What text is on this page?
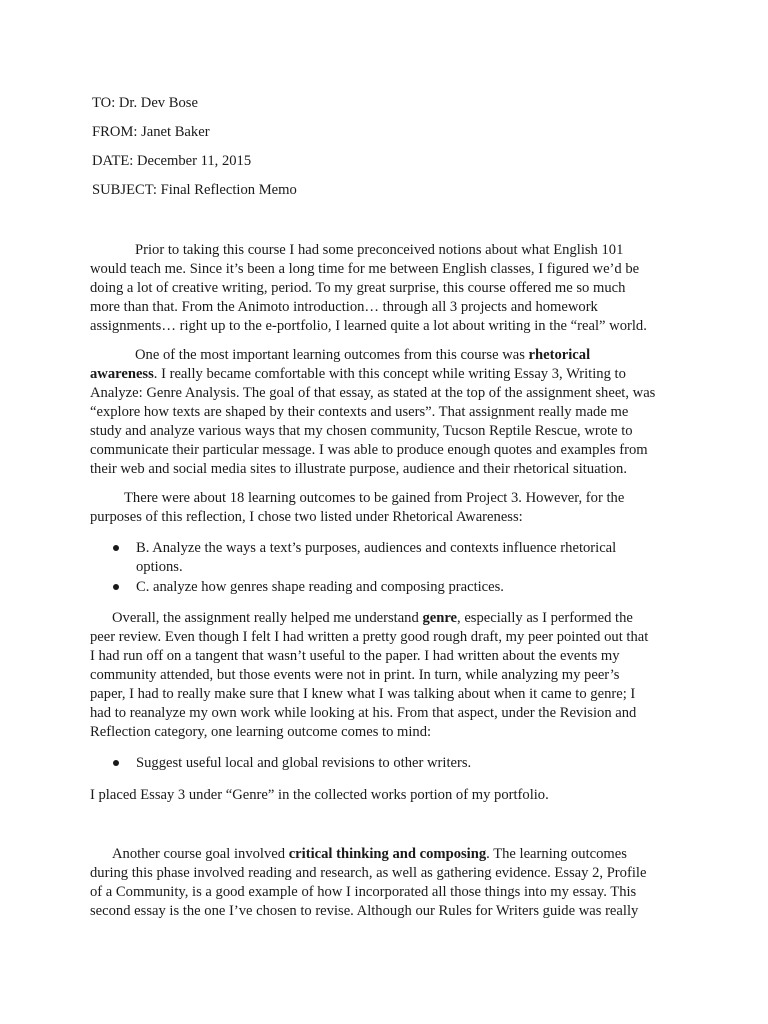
TO: Dr. Dev Bose
FROM: Janet Baker
DATE: December 11, 2015
SUBJECT: Final Reflection Memo
Prior to taking this course I had some preconceived notions about what English 101
would teach me. Since it’s been a long time for me between English classes, I figured we’d be
doing a lot of creative writing, period. To my great surprise, this course offered me so much
more than that. From the Animoto introduction… through all 3 projects and homework
assignments… right up to the e-portfolio, I learned quite a lot about writing in the “real” world.
One of the most important learning outcomes from this course was rhetorical
awareness. I really became comfortable with this concept while writing Essay 3, Writing to
Analyze: Genre Analysis. The goal of that essay, as stated at the top of the assignment sheet, was
“explore how texts are shaped by their contexts and users”. That assignment really made me
study and analyze various ways that my chosen community, Tucson Reptile Rescue, wrote to
communicate their particular message. I was able to produce enough quotes and examples from
their web and social media sites to illustrate purpose, audience and their rhetorical situation.
There were about 18 learning outcomes to be gained from Project 3. However, for the
purposes of this reflection, I chose two listed under Rhetorical Awareness:
B. Analyze the ways a text’s purposes, audiences and contexts influence rhetorical
options.
C. analyze how genres shape reading and composing practices.
Overall, the assignment really helped me understand genre, especially as I performed the
peer review. Even though I felt I had written a pretty good rough draft, my peer pointed out that
I had run off on a tangent that wasn’t useful to the paper. I had written about the events my
community attended, but those events were not in print. In turn, while analyzing my peer’s
paper, I had to really make sure that I knew what I was talking about when it came to genre; I
had to reanalyze my own work while looking at his. From that aspect, under the Revision and
Reflection category, one learning outcome comes to mind:
Suggest useful local and global revisions to other writers.
I placed Essay 3 under “Genre” in the collected works portion of my portfolio.
Another course goal involved critical thinking and composing. The learning outcomes
during this phase involved reading and research, as well as gathering evidence. Essay 2, Profile
of a Community, is a good example of how I incorporated all those things into my essay. This
second essay is the one I’ve chosen to revise. Although our Rules for Writers guide was really
